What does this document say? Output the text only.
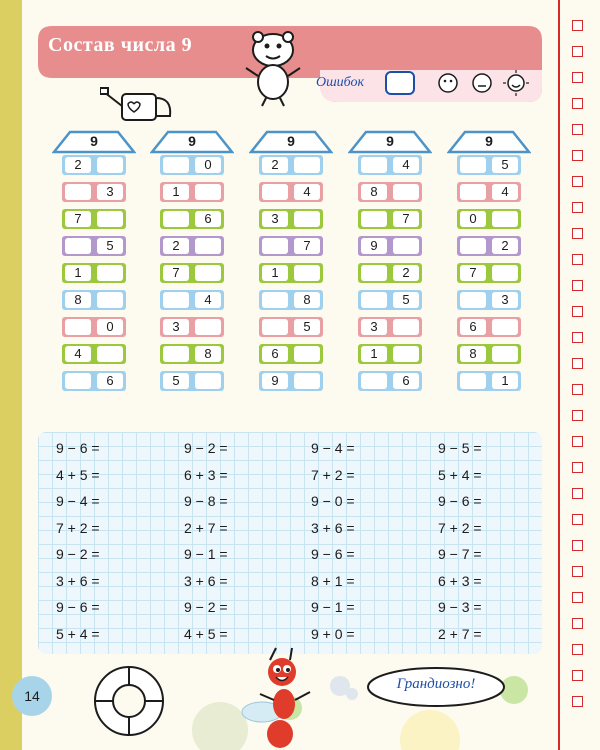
Состав числа 9
Ошибок
9
2
3
7
5
1
8
0
4
6
9
0
1
6
2
7
4
3
8
5
9
2
4
3
7
1
8
5
6
9
9
4
8
7
9
2
5
3
1
6
9
5
4
0
2
7
3
6
8
1
9 − 6 =
4 + 5 =
9 − 4 =
7 + 2 =
9 − 2 =
3 + 6 =
9 − 6 =
5 + 4 =
9 − 2 =
6 + 3 =
9 − 8 =
2 + 7 =
9 − 1 =
3 + 6 =
9 − 2 =
4 + 5 =
9 − 4 =
7 + 2 =
9 − 0 =
3 + 6 =
9 − 6 =
8 + 1 =
9 − 1 =
9 + 0 =
9 − 5 =
5 + 4 =
9 − 6 =
7 + 2 =
9 − 7 =
6 + 3 =
9 − 3 =
2 + 7 =
14
Грандиозно!
